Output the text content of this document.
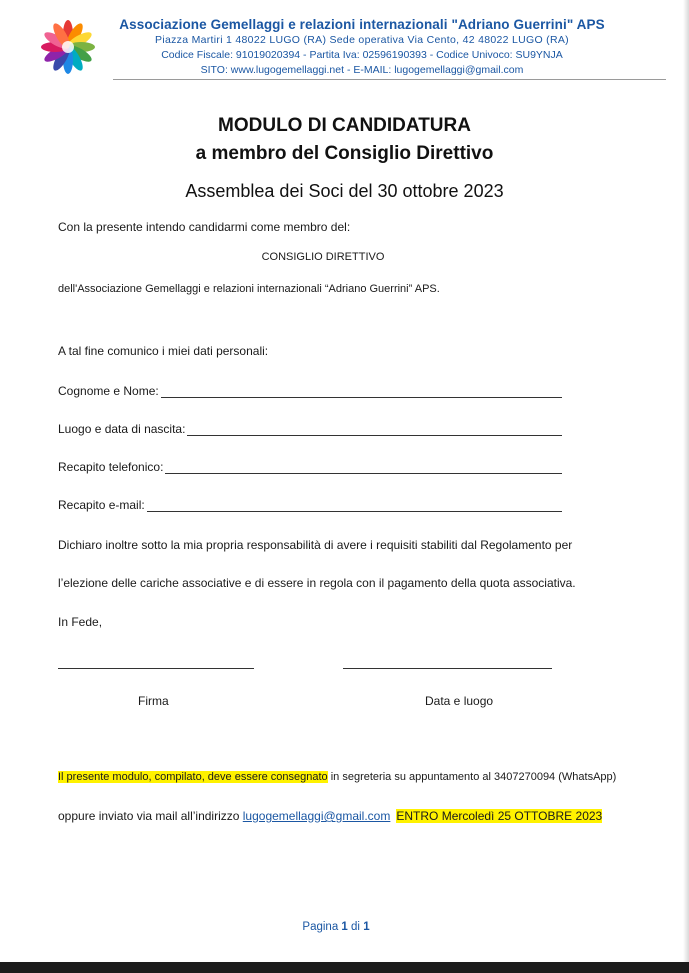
Associazione Gemellaggi e relazioni internazionali "Adriano Guerrini" APS
Piazza Martiri 1 48022 LUGO (RA) Sede operativa Via Cento, 42 48022 LUGO (RA)
Codice Fiscale: 91019020394 - Partita Iva: 02596190393 - Codice Univoco: SU9YNJA
SITO: www.lugogemellaggi.net - E-MAIL: lugogemellaggi@gmail.com
MODULO DI CANDIDATURA
a membro del Consiglio Direttivo
Assemblea dei Soci del 30 ottobre 2023
Con la presente intendo candidarmi come membro del:
CONSIGLIO DIRETTIVO
dell'Associazione Gemellaggi e relazioni internazionali “Adriano Guerrini” APS.
A tal fine comunico i miei dati personali:
Cognome e Nome:
Luogo e data di nascita:
Recapito telefonico:
Recapito e-mail:
Dichiaro inoltre sotto la mia propria responsabilità di avere i requisiti stabiliti dal Regolamento per
l’elezione delle cariche associative e di essere in regola con il pagamento della quota associativa.
In Fede,
Firma	Data e luogo
Il presente modulo, compilato, deve essere consegnato in segreteria su appuntamento al 3407270094 (WhatsApp)
oppure inviato via mail all’indirizzo lugogemellaggi@gmail.com ENTRO Mercoledì 25 OTTOBRE 2023
Pagina 1 di 1
